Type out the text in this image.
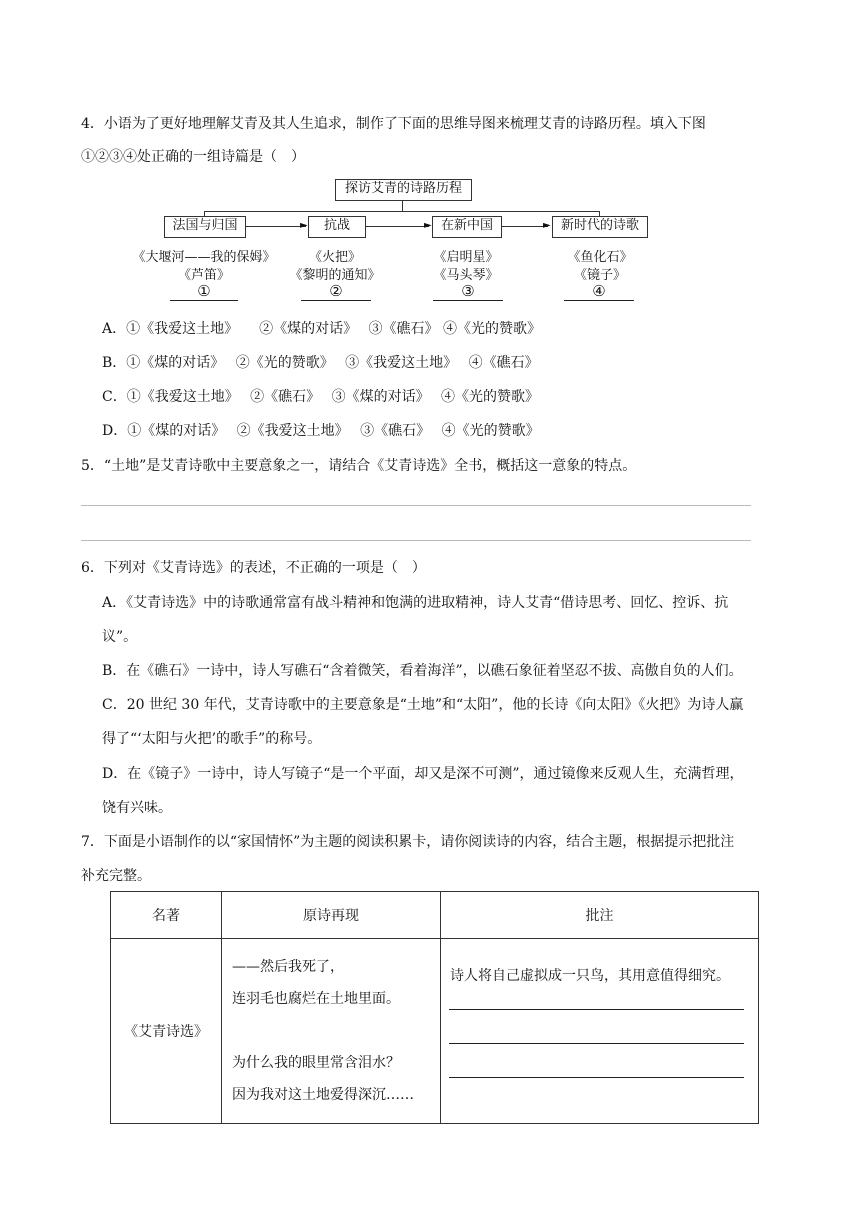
4．小语为了更好地理解艾青及其人生追求，制作了下面的思维导图来梳理艾青的诗路历程。填入下图
①②③④处正确的一组诗篇是（　）
探访艾青的诗路历程
►	►	►
法国与归国	抗战	在新中国	新时代的诗歌
《大堰河——我的保姆》
《芦笛》
《火把》
《黎明的通知》
《启明星》
《马头琴》
《鱼化石》
《镜子》
①	②	③	④
A．①《我爱这土地》　　②《煤的对话》　 ③《礁石》 ④《光的赞歌》
B．①《煤的对话》　 ②《光的赞歌》　 ③《我爱这土地》　 ④《礁石》
C．①《我爱这土地》　 ②《礁石》　 ③《煤的对话》　 ④《光的赞歌》
D．①《煤的对话》　 ②《我爱这土地》　 ③《礁石》　 ④《光的赞歌》
5．“土地”是艾青诗歌中主要意象之一，请结合《艾青诗选》全书，概括这一意象的特点。
6．下列对《艾青诗选》的表述，不正确的一项是（　）
A．《艾青诗选》中的诗歌通常富有战斗精神和饱满的进取精神，诗人艾青“借诗思考、回忆、控诉、抗
议”。
B．在《礁石》一诗中，诗人写礁石“含着微笑，看着海洋”，以礁石象征着坚忍不拔、高傲自负的人们。
C．20 世纪 30 年代，艾青诗歌中的主要意象是“土地”和“太阳”，他的长诗《向太阳》《火把》为诗人赢
得了“‘太阳与火把’的歌手”的称号。
D．在《镜子》一诗中，诗人写镜子“是一个平面，却又是深不可测”，通过镜像来反观人生，充满哲理，
饶有兴味。
7．下面是小语制作的以“家国情怀”为主题的阅读积累卡，请你阅读诗的内容，结合主题，根据提示把批注
补充完整。
名著	原诗再现	批注
《艾青诗选》	——然后我死了，
连羽毛也腐烂在土地里面。
为什么我的眼里常含泪水？
因为我对这土地爱得深沉……	诗人将自己虚拟成一只鸟，其用意值得细究。
